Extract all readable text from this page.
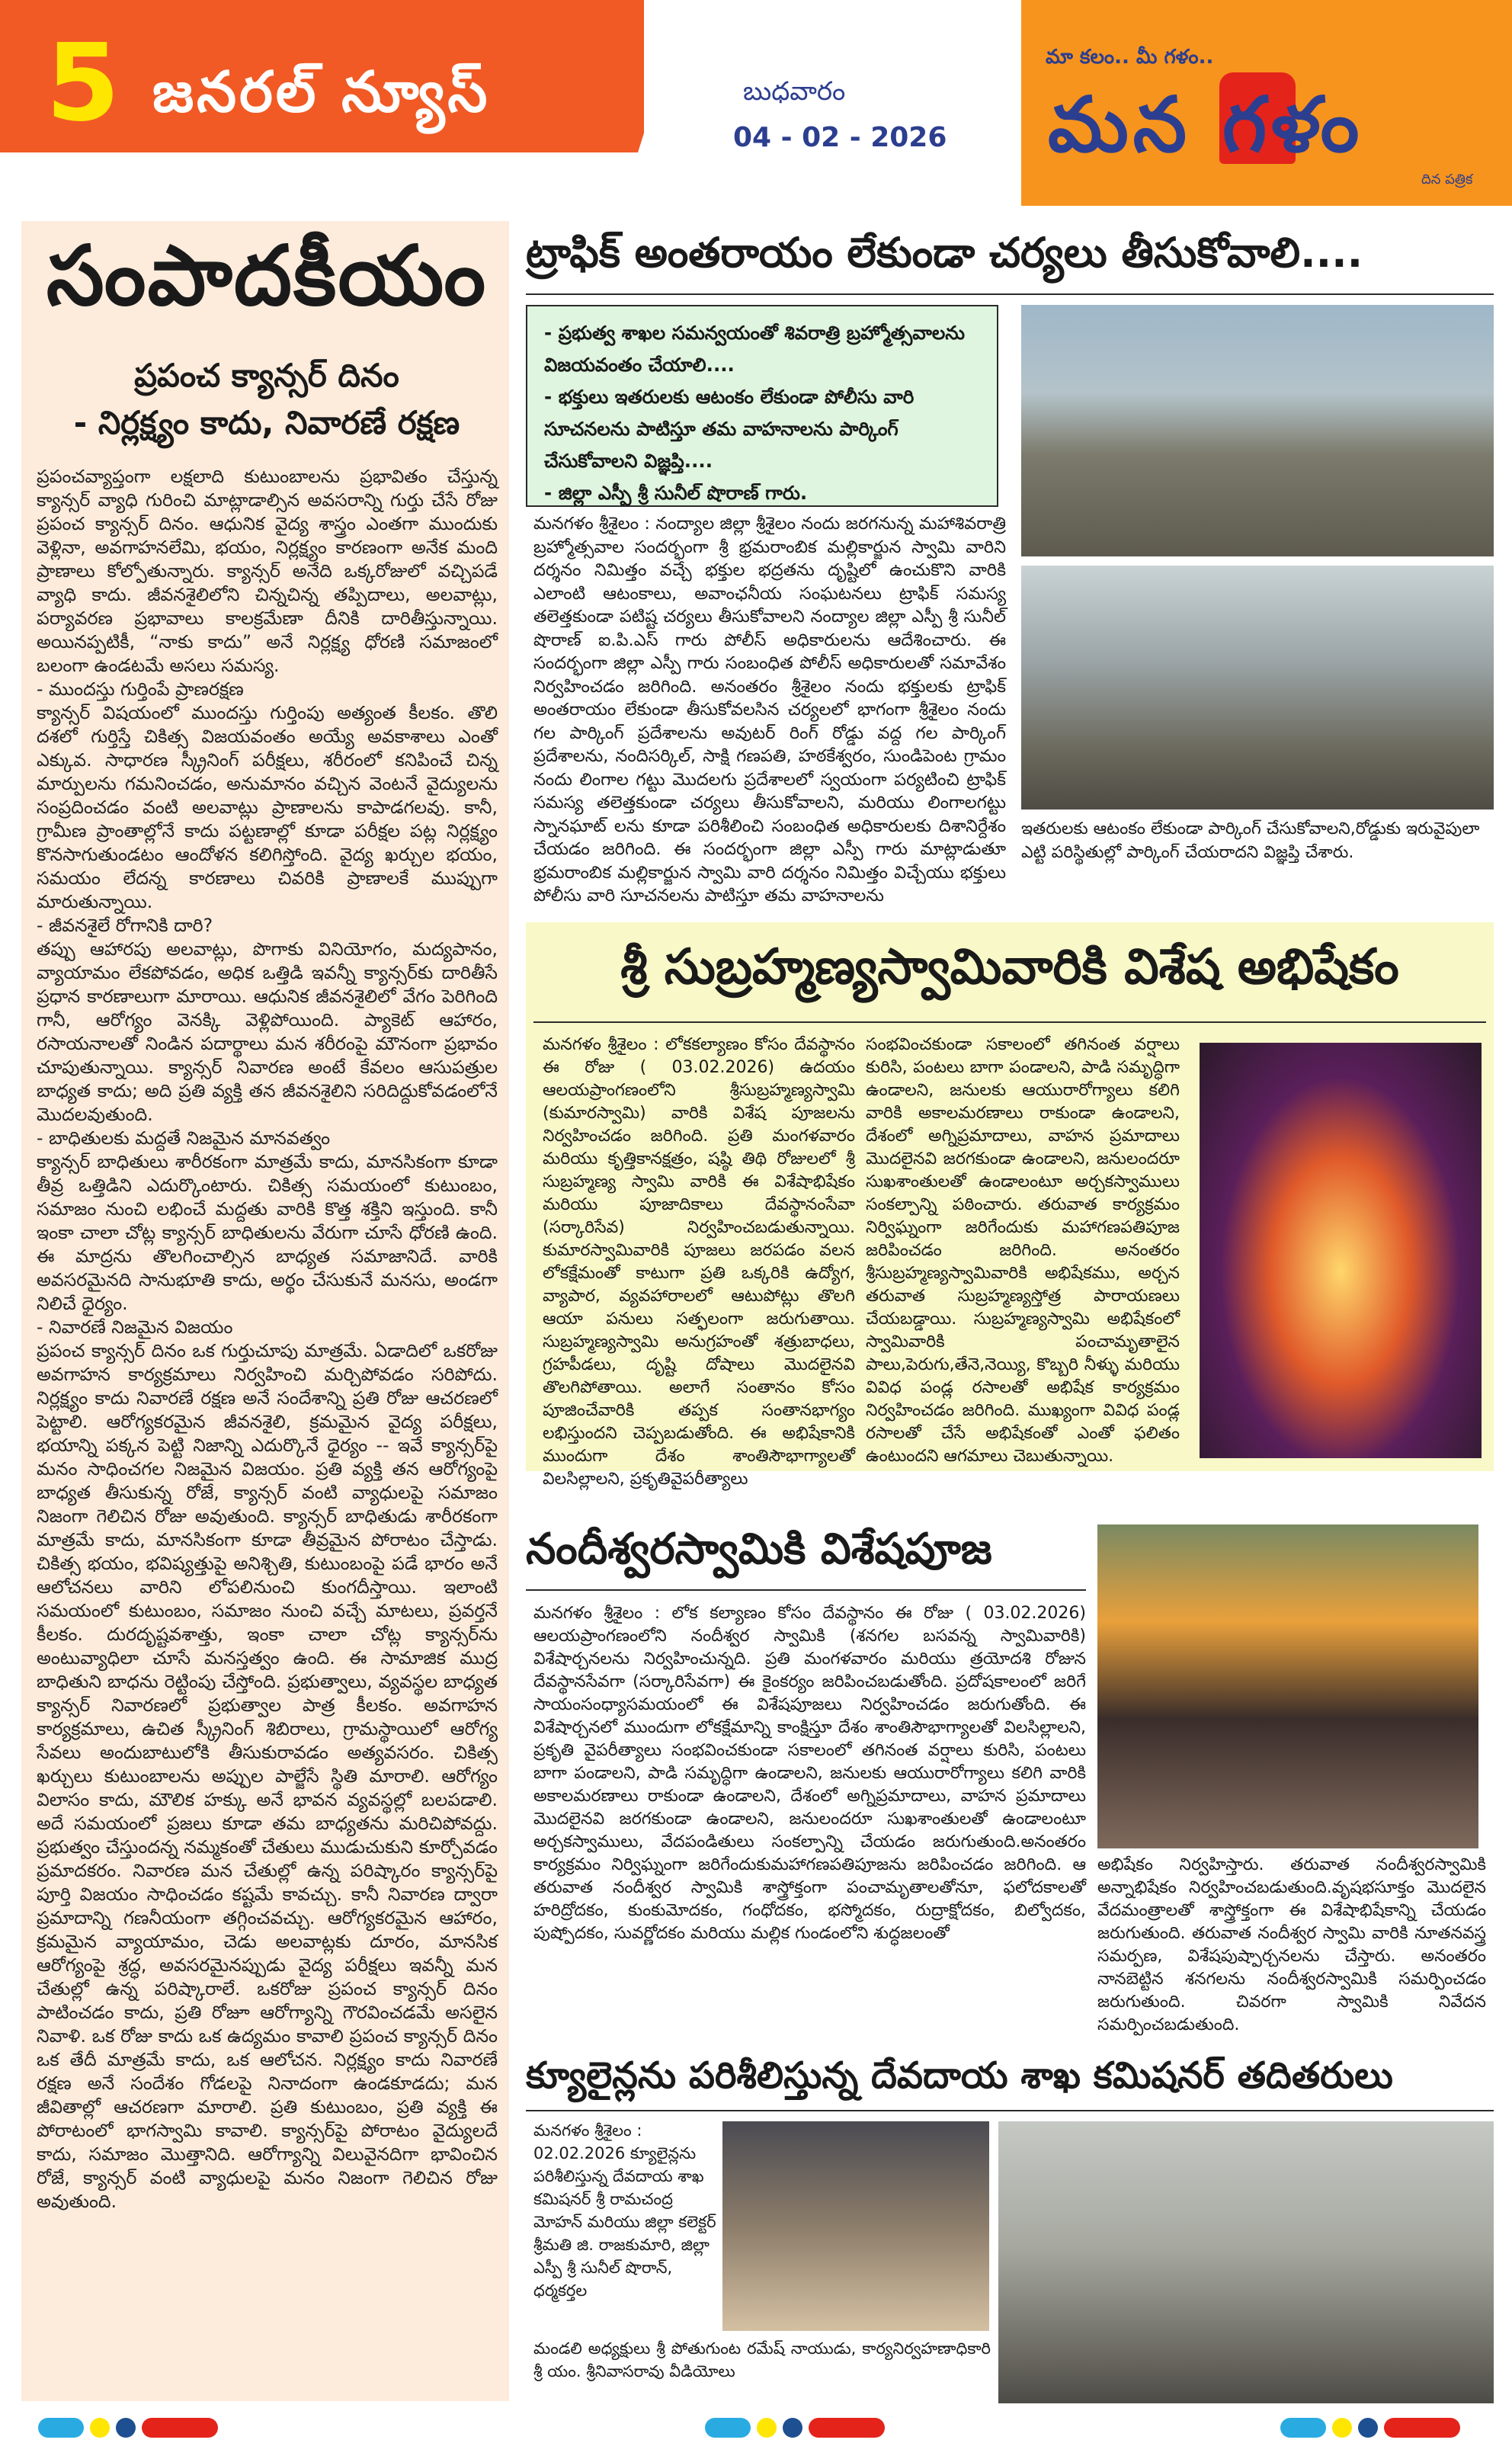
5 జనరల్ న్యూస్	బుధవారం
04 - 02 - 2026
మా కలం.. మీ గళం..
మన గళం
దిన పత్రిక
సంపాదకీయం
ప్రపంచ క్యాన్సర్ దినం
- నిర్లక్ష్యం కాదు, నివారణే రక్షణ

ప్రపంచవ్యాప్తంగా లక్షలాది కుటుంబాలను ప్రభావితం చేస్తున్న క్యాన్సర్ వ్యాధి గురించి మాట్లాడాల్సిన అవసరాన్ని గుర్తు చేసే రోజు ప్రపంచ క్యాన్సర్ దినం. ఆధునిక వైద్య శాస్త్రం ఎంతగా ముందుకు వెళ్లినా, అవగాహనలేమి, భయం, నిర్లక్ష్యం కారణంగా అనేక మంది ప్రాణాలు కోల్పోతున్నారు. క్యాన్సర్ అనేది ఒక్కరోజులో వచ్చిపడే వ్యాధి కాదు. జీవనశైలిలోని చిన్నచిన్న తప్పిదాలు, అలవాట్లు, పర్యావరణ ప్రభావాలు కాలక్రమేణా దీనికి దారితీస్తున్నాయి. అయినప్పటికీ, “నాకు కాదు” అనే నిర్లక్ష్య ధోరణి సమాజంలో బలంగా ఉండటమే అసలు సమస్య.

- ముందస్తు గుర్తింపే ప్రాణరక్షణ

క్యాన్సర్ విషయంలో ముందస్తు గుర్తింపు అత్యంత కీలకం. తొలి దశలో గుర్తిస్తే చికిత్స విజయవంతం అయ్యే అవకాశాలు ఎంతో ఎక్కువ. సాధారణ స్క్రీనింగ్ పరీక్షలు, శరీరంలో కనిపించే చిన్న మార్పులను గమనించడం, అనుమానం వచ్చిన వెంటనే వైద్యులను సంప్రదించడం వంటి అలవాట్లు ప్రాణాలను కాపాడగలవు. కానీ, గ్రామీణ ప్రాంతాల్లోనే కాదు పట్టణాల్లో కూడా పరీక్షల పట్ల నిర్లక్ష్యం కొనసాగుతుండటం ఆందోళన కలిగిస్తోంది. వైద్య ఖర్చుల భయం, సమయం లేదన్న కారణాలు చివరికి ప్రాణాలకే ముప్పుగా మారుతున్నాయి.

- జీవనశైలే రోగానికి దారి?

తప్పు ఆహారపు అలవాట్లు, పొగాకు వినియోగం, మద్యపానం, వ్యాయామం లేకపోవడం, అధిక ఒత్తిడి ఇవన్నీ క్యాన్సర్‌కు దారితీసే ప్రధాన కారణాలుగా మారాయి. ఆధునిక జీవనశైలిలో వేగం పెరిగింది గానీ, ఆరోగ్యం వెనక్కి వెళ్లిపోయింది. ప్యాకెట్ ఆహారం, రసాయనాలతో నిండిన పదార్థాలు మన శరీరంపై మౌనంగా ప్రభావం చూపుతున్నాయి. క్యాన్సర్ నివారణ అంటే కేవలం ఆసుపత్రుల బాధ్యత కాదు; అది ప్రతి వ్యక్తి తన జీవనశైలిని సరిదిద్దుకోవడంలోనే మొదలవుతుంది.

- బాధితులకు మద్దతే నిజమైన మానవత్వం

క్యాన్సర్ బాధితులు శారీరకంగా మాత్రమే కాదు, మానసికంగా కూడా తీవ్ర ఒత్తిడిని ఎదుర్కొంటారు. చికిత్స సమయంలో కుటుంబం, సమాజం నుంచి లభించే మద్దతు వారికి కొత్త శక్తిని ఇస్తుంది. కానీ ఇంకా చాలా చోట్ల క్యాన్సర్ బాధితులను వేరుగా చూసే ధోరణి ఉంది. ఈ మాద్రను తొలగించాల్సిన బాధ్యత సమాజానిదే. వారికి అవసరమైనది సానుభూతి కాదు, అర్థం చేసుకునే మనసు, అండగా నిలిచే ధైర్యం.

- నివారణే నిజమైన విజయం

ప్రపంచ క్యాన్సర్ దినం ఒక గుర్తుచూపు మాత్రమే. ఏడాదిలో ఒకరోజు అవగాహన కార్యక్రమాలు నిర్వహించి మర్చిపోవడం సరిపోదు. నిర్లక్ష్యం కాదు నివారణే రక్షణ అనే సందేశాన్ని ప్రతి రోజు ఆచరణలో పెట్టాలి. ఆరోగ్యకరమైన జీవనశైలి, క్రమమైన వైద్య పరీక్షలు, భయాన్ని పక్కన పెట్టి నిజాన్ని ఎదుర్కొనే ధైర్యం -- ఇవే క్యాన్సర్‌పై మనం సాధించగల నిజమైన విజయం. ప్రతి వ్యక్తి తన ఆరోగ్యంపై బాధ్యత తీసుకున్న రోజే, క్యాన్సర్ వంటి వ్యాధులపై సమాజం నిజంగా గెలిచిన రోజు అవుతుంది. క్యాన్సర్ బాధితుడు శారీరకంగా మాత్రమే కాదు, మానసికంగా కూడా తీవ్రమైన పోరాటం చేస్తాడు. చికిత్స భయం, భవిష్యత్తుపై అనిశ్చితి, కుటుంబంపై పడే భారం అనే ఆలోచనలు వారిని లోపలినుంచి కుంగదీస్తాయి. ఇలాంటి సమయంలో కుటుంబం, సమాజం నుంచి వచ్చే మాటలు, ప్రవర్తనే కీలకం. దురదృష్టవశాత్తు, ఇంకా చాలా చోట్ల క్యాన్సర్‌ను అంటువ్యాధిలా చూసే మనస్తత్వం ఉంది. ఈ సామాజిక ముద్ర బాధితుని బాధను రెట్టింపు చేస్తోంది. ప్రభుత్వాలు, వ్యవస్థల బాధ్యత క్యాన్సర్ నివారణలో ప్రభుత్వాల పాత్ర కీలకం. అవగాహన కార్యక్రమాలు, ఉచిత స్క్రీనింగ్ శిబిరాలు, గ్రామస్థాయిలో ఆరోగ్య సేవలు అందుబాటులోకి తీసుకురావడం అత్యవసరం. చికిత్స ఖర్చులు కుటుంబాలను అప్పుల పాల్జేసే స్థితి మారాలి. ఆరోగ్యం విలాసం కాదు, మౌలిక హక్కు అనే భావన వ్యవస్థల్లో బలపడాలి. అదే సమయంలో ప్రజలు కూడా తమ బాధ్యతను మరిచిపోవద్దు. ప్రభుత్వం చేస్తుందన్న నమ్మకంతో చేతులు ముడుచుకుని కూర్చోవడం ప్రమాదకరం. నివారణ మన చేతుల్లో ఉన్న పరిష్కారం క్యాన్సర్‌పై పూర్తి విజయం సాధించడం కష్టమే కావచ్చు. కానీ నివారణ ద్వారా ప్రమాదాన్ని గణనీయంగా తగ్గించవచ్చు. ఆరోగ్యకరమైన ఆహారం, క్రమమైన వ్యాయామం, చెడు అలవాట్లకు దూరం, మానసిక ఆరోగ్యంపై శ్రద్ధ, అవసరమైనప్పుడు వైద్య పరీక్షలు ఇవన్నీ మన చేతుల్లో ఉన్న పరిష్కారాలే. ఒకరోజు ప్రపంచ క్యాన్సర్ దినం పాటించడం కాదు, ప్రతి రోజూ ఆరోగ్యాన్ని గౌరవించడమే అసలైన నివాళి. ఒక రోజు కాదు ఒక ఉద్యమం కావాలి ప్రపంచ క్యాన్సర్ దినం ఒక తేదీ మాత్రమే కాదు, ఒక ఆలోచన. నిర్లక్ష్యం కాదు నివారణే రక్షణ అనే సందేశం గోడలపై నినాదంగా ఉండకూడదు; మన జీవితాల్లో ఆచరణగా మారాలి. ప్రతి కుటుంబం, ప్రతి వ్యక్తి ఈ పోరాటంలో భాగస్వామి కావాలి. క్యాన్సర్‌పై పోరాటం వైద్యులదే కాదు, సమాజం మొత్తానిది. ఆరోగ్యాన్ని విలువైనదిగా భావించిన రోజే, క్యాన్సర్ వంటి వ్యాధులపై మనం నిజంగా గెలిచిన రోజు అవుతుంది.

ట్రాఫిక్ అంతరాయం లేకుండా చర్యలు తీసుకోవాలి....
- ప్రభుత్వ శాఖల సమన్వయంతో శివరాత్రి బ్రహ్మోత్సవాలను విజయవంతం చేయాలి....
- భక్తులు ఇతరులకు ఆటంకం లేకుండా పోలీసు వారి సూచనలను పాటిస్తూ తమ వాహనాలను పార్కింగ్ చేసుకోవాలని విజ్ఞప్తి....
- జిల్లా ఎస్పీ శ్రీ సునీల్ షొరాణ్ గారు.
మనగళం శ్రీశైలం : నంద్యాల జిల్లా శ్రీశైలం నందు జరగనున్న మహాశివరాత్రి బ్రహ్మోత్సవాల సందర్భంగా శ్రీ భ్రమరాంబిక మల్లికార్జున స్వామి వారిని దర్శనం నిమిత్తం వచ్చే భక్తుల భద్రతను దృష్టిలో ఉంచుకొని వారికి ఎలాంటి ఆటంకాలు, అవాంఛనీయ సంఘటనలు ట్రాఫిక్ సమస్య తలెత్తకుండా పటిష్ట చర్యలు తీసుకోవాలని నంద్యాల జిల్లా ఎస్పీ శ్రీ సునీల్ షొరాణ్ ఐ.పి.ఎస్ గారు పోలీస్ అధికారులను ఆదేశించారు. ఈ సందర్భంగా జిల్లా ఎస్పీ గారు సంబంధిత పోలీస్ అధికారులతో సమావేశం నిర్వహించడం జరిగింది. అనంతరం శ్రీశైలం నందు భక్తులకు ట్రాఫిక్ అంతరాయం లేకుండా తీసుకోవలసిన చర్యలలో భాగంగా శ్రీశైలం నందు గల పార్కింగ్ ప్రదేశాలను అవుటర్ రింగ్ రోడ్డు వద్ద గల పార్కింగ్ ప్రదేశాలను, నందిసర్కిల్, సాక్షి గణపతి, హఠకేశ్వరం, సుండిపెంట గ్రామం నందు లింగాల గట్టు మొదలగు ప్రదేశాలలో స్వయంగా పర్యటించి ట్రాఫిక్ సమస్య తలెత్తకుండా చర్యలు తీసుకోవాలని, మరియు లింగాలగట్టు స్నానఘాట్ లను కూడా పరిశీలించి సంబంధిత అధికారులకు దిశానిర్దేశం చేయడం జరిగింది. ఈ సందర్భంగా జిల్లా ఎస్పీ గారు మాట్లాడుతూ భ్రమరాంబిక మల్లికార్జున స్వామి వారి దర్శనం నిమిత్తం విచ్చేయు భక్తులు పోలీసు వారి సూచనలను పాటిస్తూ తమ వాహనాలను
ఇతరులకు ఆటంకం లేకుండా పార్కింగ్ చేసుకోవాలని,రోడ్డుకు ఇరువైపులా ఎట్టి పరిస్థితుల్లో పార్కింగ్ చేయరాదని విజ్ఞప్తి చేశారు.
శ్రీ సుబ్రహ్మణ్యస్వామివారికి విశేష అభిషేకం
మనగళం శ్రీశైలం : లోకకల్యాణం కోసం దేవస్థానం ఈ రోజు ( 03.02.2026) ఉదయం ఆలయప్రాంగణంలోని శ్రీసుబ్రహ్మణ్యస్వామి (కుమారస్వామి) వారికి విశేష పూజలను నిర్వహించడం జరిగింది. ప్రతి మంగళవారం మరియు కృత్తికానక్షత్రం, షష్ఠి తిథి రోజులలో శ్రీ సుబ్రహ్మణ్య స్వామి వారికి ఈ విశేషాభిషేకం మరియు పూజాదికాలు దేవస్థానంసేవా (సర్కారిసేవ) నిర్వహించబడుతున్నాయి. కుమారస్వామివారికి పూజలు జరపడం వలన లోకక్షేమంతో కాటుగా ప్రతి ఒక్కరికి ఉద్యోగ, వ్యాపార, వ్యవహారాలలో ఆటుపోట్లు తొలగి ఆయా పనులు సత్ఫలంగా జరుగుతాయి. సుబ్రహ్మణ్యస్వామి అనుగ్రహంతో శత్రుబాధలు, గ్రహపీడలు, దృష్టి దోషాలు మొదలైనవి తొలగిపోతాయి. అలాగే సంతానం కోసం పూజించేవారికి తప్పక సంతానభాగ్యం లభిస్తుందని చెప్పబడుతోంది. ఈ అభిషేకానికి ముందుగా దేశం శాంతిసౌభాగ్యాలతో విలసిల్లాలని, ప్రకృతివైపరీత్యాలు
సంభవించకుండా సకాలంలో తగినంత వర్షాలు కురిసి, పంటలు బాగా పండాలని, పాడి సమృద్ధిగా ఉండాలని, జనులకు ఆయురారోగ్యాలు కలిగి వారికి అకాలమరణాలు రాకుండా ఉండాలని, దేశంలో అగ్నిప్రమాదాలు, వాహన ప్రమాదాలు మొదలైనవి జరగకుండా ఉండాలని, జనులందరూ సుఖశాంతులతో ఉండాలంటూ అర్చకస్వాములు సంకల్పాన్ని పఠించారు. తరువాత కార్యక్రమం నిర్విఘ్నంగా జరిగేందుకు మహాగణపతిపూజ జరిపించడం జరిగింది. అనంతరం శ్రీసుబ్రహ్మణ్యస్వామివారికి అభిషేకము, అర్చన తరువాత సుబ్రహ్మణ్యస్తోత్ర పారాయణలు చేయబడ్డాయి. సుబ్రహ్మణ్యస్వామి అభిషేకంలో స్వామివారికి పంచామృతాలైన పాలు,పెరుగు,తేనె,నెయ్యి, కొబ్బరి నీళ్ళు మరియు వివిధ పండ్ల రసాలతో అభిషేక కార్యక్రమం నిర్వహించడం జరిగింది. ముఖ్యంగా వివిధ పండ్ల రసాలతో చేసే అభిషేకంతో ఎంతో ఫలితం ఉంటుందని ఆగమాలు చెబుతున్నాయి.
నందీశ్వరస్వామికి విశేషపూజ
మనగళం శ్రీశైలం : లోక కల్యాణం కోసం దేవస్థానం ఈ రోజు ( 03.02.2026) ఆలయప్రాంగణంలోని నందీశ్వర స్వామికి (శనగల బసవన్న స్వామివారికి) విశేషార్చనలను నిర్వహించున్నది. ప్రతి మంగళవారం మరియు త్రయోదశి రోజున దేవస్థానసేవగా (సర్కారిసేవగా) ఈ కైంకర్యం జరిపించబడుతోంది. ప్రదోషకాలంలో జరిగే సాయంసంధ్యాసమయంలో ఈ విశేషపూజలు నిర్వహించడం జరుగుతోంది. ఈ విశేషార్చనలో ముందుగా లోకక్షేమాన్ని కాంక్షిస్తూ దేశం శాంతిసౌభాగ్యాలతో విలసిల్లాలని, ప్రకృతి వైపరీత్యాలు సంభవించకుండా సకాలంలో తగినంత వర్షాలు కురిసి, పంటలు బాగా పండాలని, పాడి సమృద్ధిగా ఉండాలని, జనులకు ఆయురారోగ్యాలు కలిగి వారికి అకాలమరణాలు రాకుండా ఉండాలని, దేశంలో అగ్నిప్రమాదాలు, వాహన ప్రమాదాలు మొదలైనవి జరగకుండా ఉండాలని, జనులందరూ సుఖశాంతులతో ఉండాలంటూ అర్చకస్వాములు, వేదపండితులు సంకల్పాన్ని చేయడం జరుగుతుంది.అనంతరం కార్యక్రమం నిర్విఘ్నంగా జరిగేందుకుమహాగణపతిపూజను జరిపించడం జరిగింది. ఆ తరువాత నందీశ్వర స్వామికి శాస్త్రోక్తంగా పంచామృతాలతోనూ, ఫలోదకాలతో హరిద్రోదకం, కుంకుమోదకం, గంధోదకం, భస్మోదకం, రుద్రాక్షోదకం, బిల్వోదకం, పుష్పోదకం, సువర్ణోదకం మరియు మల్లిక గుండంలోని శుద్ధజలంతో
అభిషేకం నిర్వహిస్తారు. తరువాత నందీశ్వరస్వామికి అన్నాభిషేకం నిర్వహించబడుతుంది.వృషభసూక్తం మొదలైన వేదమంత్రాలతో శాస్త్రోక్తంగా ఈ విశేషాభిషేకాన్ని చేయడం జరుగుతుంది. తరువాత నందీశ్వర స్వామి వారికి నూతనవస్త్ర సమర్పణ, విశేషపుష్పార్చనలను చేస్తారు. అనంతరం నానబెట్టిన శనగలను నందీశ్వరస్వామికి సమర్పించడం జరుగుతుంది. చివరగా స్వామికి నివేదన సమర్పించబడుతుంది.
క్యూలైన్లను పరిశీలిస్తున్న దేవదాయ శాఖ కమిషనర్ తదితరులు
మనగళం శ్రీశైలం : 02.02.2026 క్యూలైన్లను పరిశీలిస్తున్న దేవదాయ శాఖ కమిషనర్ శ్రీ రామచంద్ర మోహన్ మరియు జిల్లా కలెక్టర్ శ్రీమతి జి. రాజకుమారి, జిల్లా ఎస్పీ శ్రీ సునీల్ షొరాన్, ధర్మకర్తల
మండలి అధ్యక్షులు శ్రీ పోతుగుంట రమేష్ నాయుడు, కార్యనిర్వహణాధికారి శ్రీ యం. శ్రీనివాసరావు వీడియోలు
